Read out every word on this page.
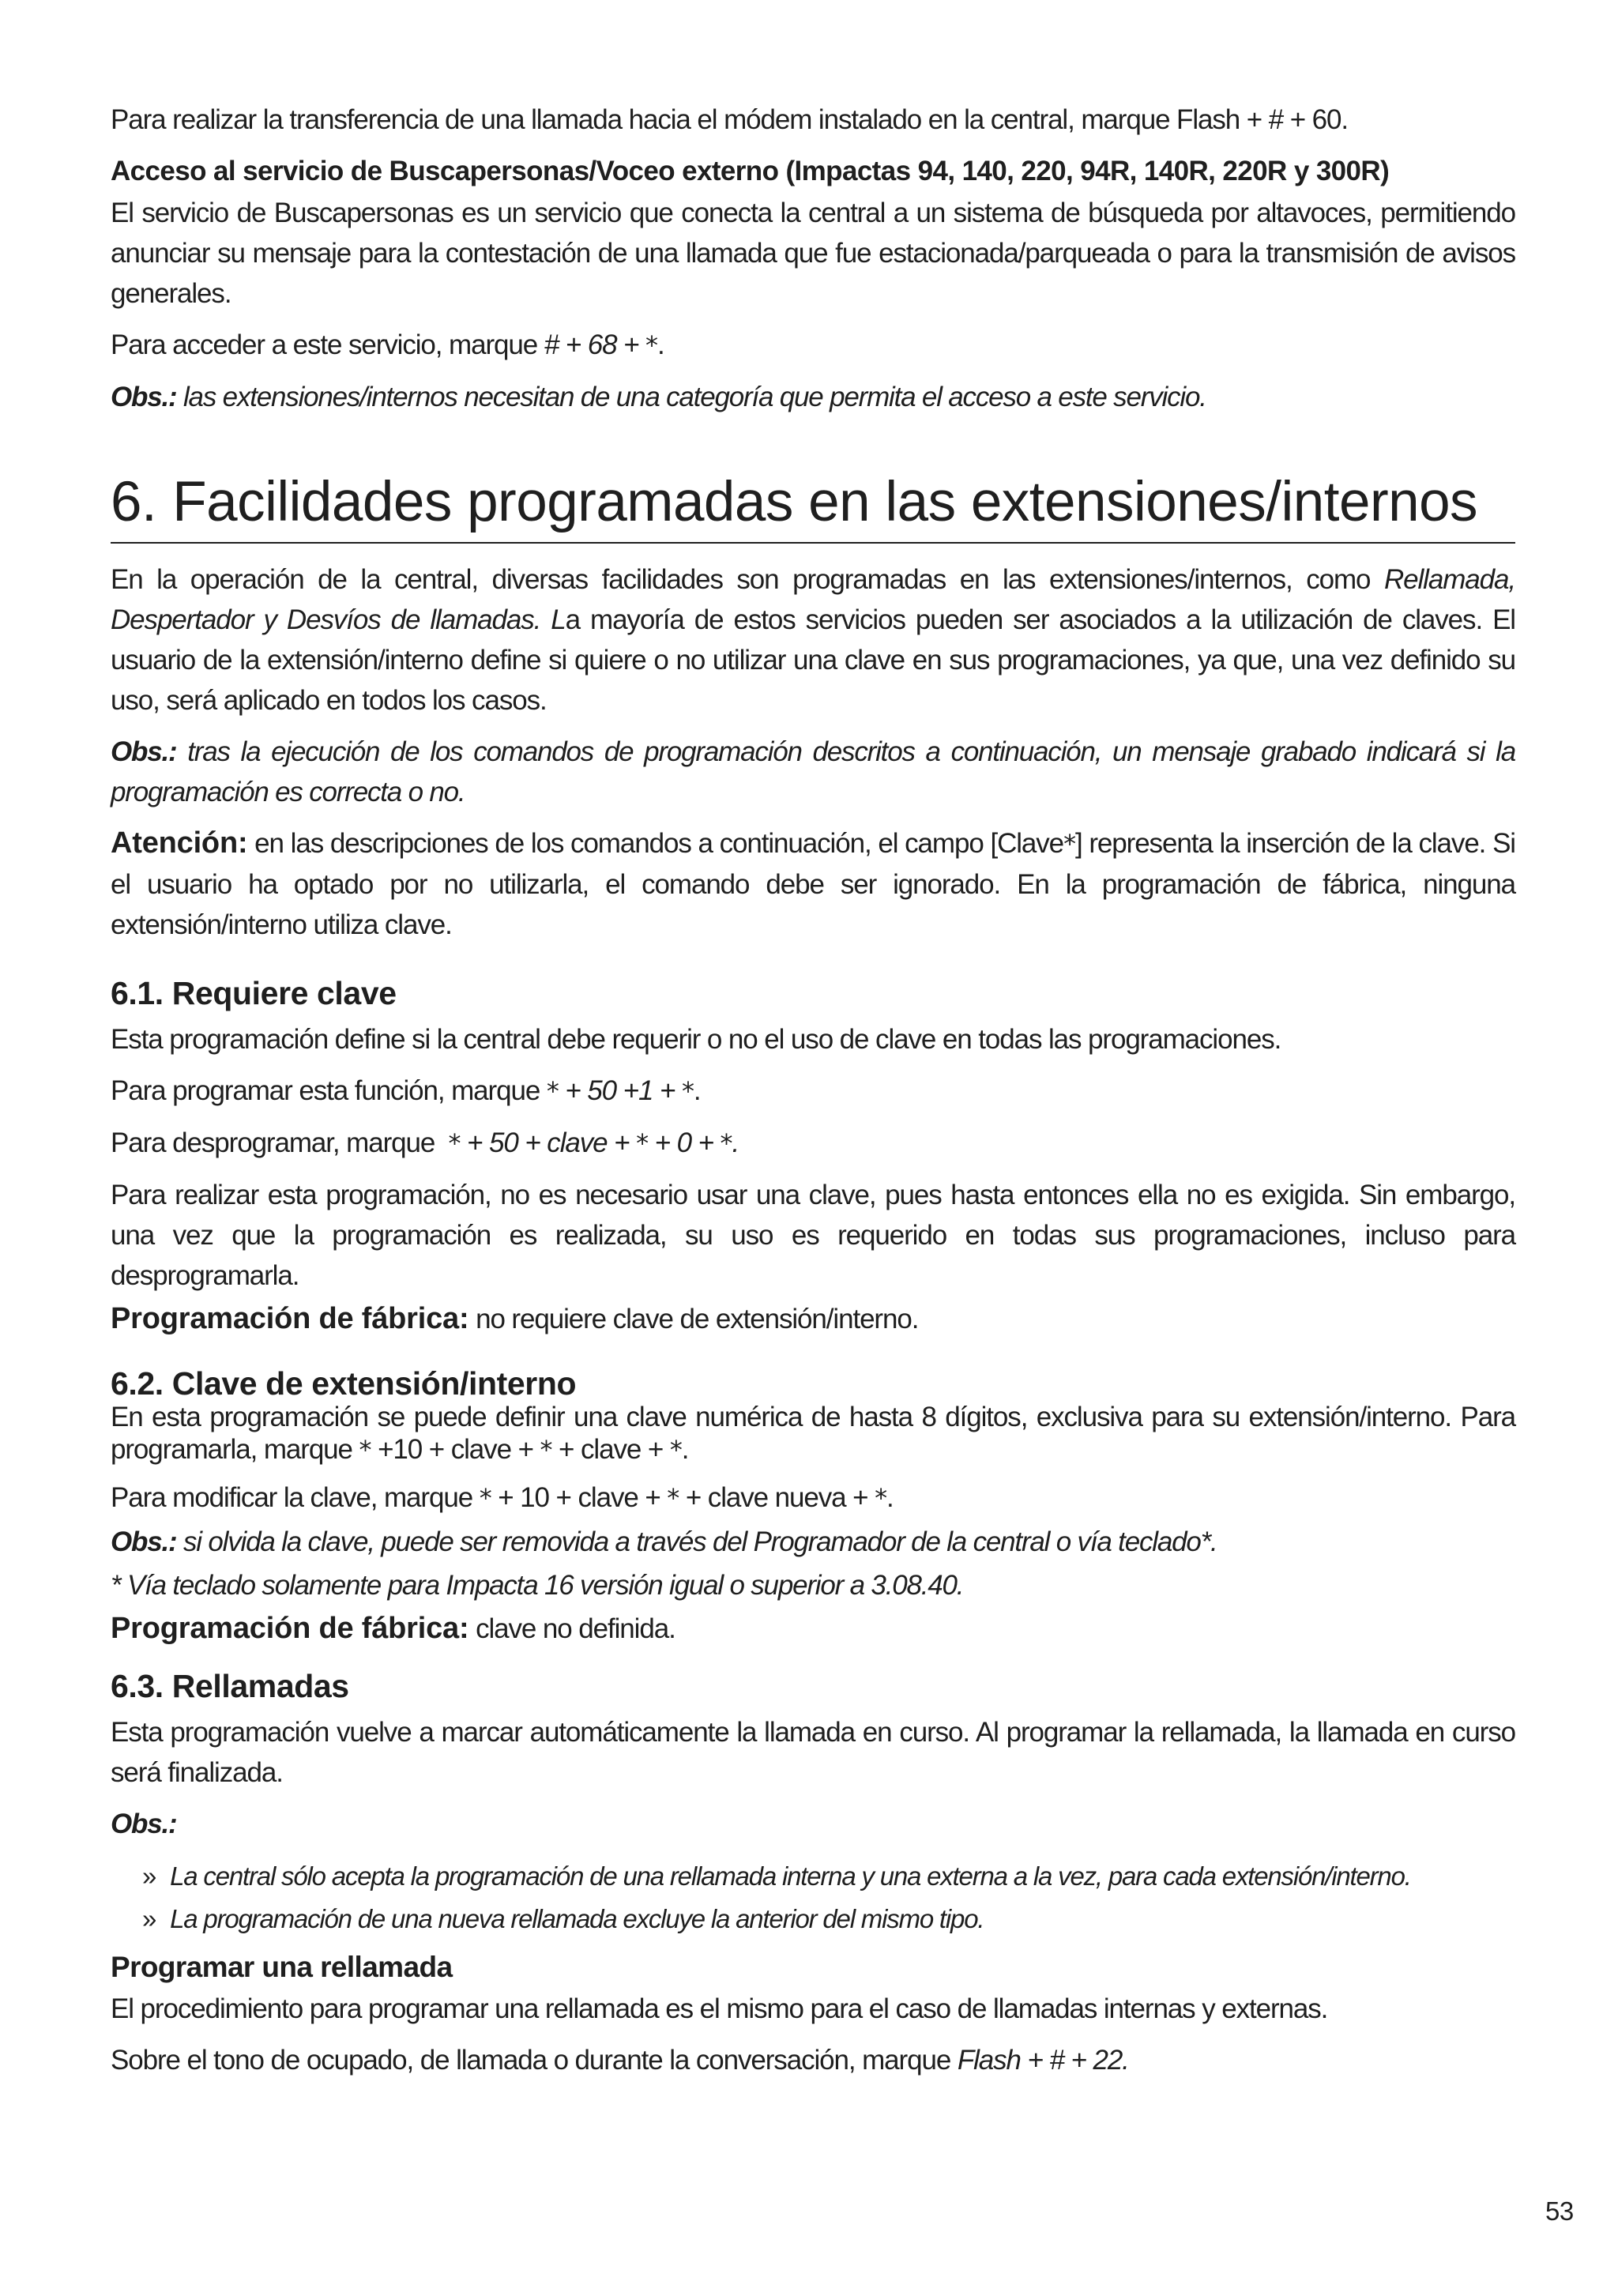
Para realizar la transferencia de una llamada hacia el módem instalado en la central, marque Flash + # + 60.

Acceso al servicio de Buscapersonas/Voceo externo (Impactas 94, 140, 220, 94R, 140R, 220R y 300R)

El servicio de Buscapersonas es un servicio que conecta la central a un sistema de búsqueda por altavoces, permitiendo anunciar su mensaje para la contestación de una llamada que fue estacionada/parqueada o para la transmisión de avisos generales.

Para acceder a este servicio, marque # + 68 + *.

Obs.: las extensiones/internos necesitan de una categoría que permita el acceso a este servicio.

6. Facilidades programadas en las extensiones/internos

En la operación de la central, diversas facilidades son programadas en las extensiones/internos, como Rellamada, Despertador y Desvíos de llamadas. La mayoría de estos servicios pueden ser asociados a la utilización de claves. El usuario de la extensión/interno define si quiere o no utilizar una clave en sus programaciones, ya que, una vez definido su uso, será aplicado en todos los casos.

Obs.: tras la ejecución de los comandos de programación descritos a continuación, un mensaje grabado indicará si la programación es correcta o no.

Atención: en las descripciones de los comandos a continuación, el campo [Clave*] representa la inserción de la clave. Si el usuario ha optado por no utilizarla, el comando debe ser ignorado. En la programación de fábrica, ninguna extensión/interno utiliza clave.

6.1. Requiere clave

Esta programación define si la central debe requerir o no el uso de clave en todas las programaciones.

Para programar esta función, marque * + 50 +1 + *.

Para desprogramar, marque  * + 50 + clave + * + 0 + *.

Para realizar esta programación, no es necesario usar una clave, pues hasta entonces ella no es exigida. Sin embargo, una vez que la programación es realizada, su uso es requerido en todas sus programaciones, incluso para desprogramarla.

Programación de fábrica: no requiere clave de extensión/interno.

6.2. Clave de extensión/interno

En esta programación se puede definir una clave numérica de hasta 8 dígitos, exclusiva para su extensión/interno. Para programarla, marque * +10 + clave + * + clave + *.

Para modificar la clave, marque * + 10 + clave + * + clave nueva + *.

Obs.: si olvida la clave, puede ser removida a través del Programador de la central o vía teclado*.

* Vía teclado solamente para Impacta 16 versión igual o superior a 3.08.40.

Programación de fábrica: clave no definida.

6.3. Rellamadas

Esta programación vuelve a marcar automáticamente la llamada en curso. Al programar la rellamada, la llamada en curso será finalizada.

Obs.:

» La central sólo acepta la programación de una rellamada interna y una externa a la vez, para cada extensión/interno.
» La programación de una nueva rellamada excluye la anterior del mismo tipo.

Programar una rellamada

El procedimiento para programar una rellamada es el mismo para el caso de llamadas internas y externas.

Sobre el tono de ocupado, de llamada o durante la conversación, marque Flash + # + 22.

53
